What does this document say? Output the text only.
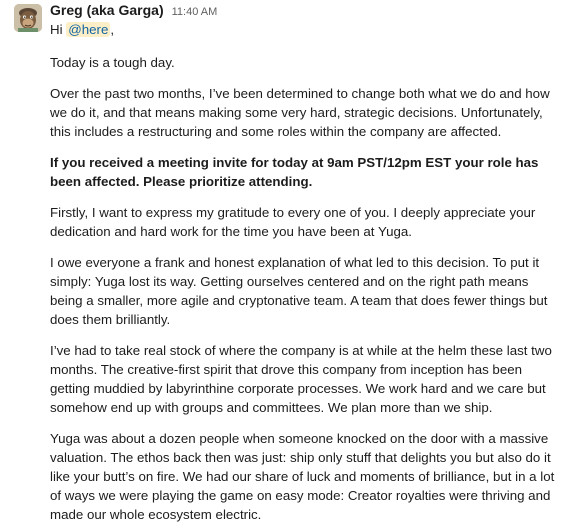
Greg (aka Garga) 11:40 AM

Hi @here ,

Today is a tough day.

Over the past two months, I’ve been determined to change both what we do and how we do it, and that means making some very hard, strategic decisions. Unfortunately, this includes a restructuring and some roles within the company are affected.

If you received a meeting invite for today at 9am PST/12pm EST your role has been affected. Please prioritize attending.

Firstly, I want to express my gratitude to every one of you. I deeply appreciate your dedication and hard work for the time you have been at Yuga.

I owe everyone a frank and honest explanation of what led to this decision. To put it simply: Yuga lost its way. Getting ourselves centered and on the right path means being a smaller, more agile and cryptonative team. A team that does fewer things but does them brilliantly.

I’ve had to take real stock of where the company is at while at the helm these last two months. The creative-first spirit that drove this company from inception has been getting muddied by labyrinthine corporate processes. We work hard and we care but somehow end up with groups and committees. We plan more than we ship.

Yuga was about a dozen people when someone knocked on the door with a massive valuation. The ethos back then was just: ship only stuff that delights you but also do it like your butt’s on fire. We had our share of luck and moments of brilliance, but in a lot of ways we were playing the game on easy mode: Creator royalties were thriving and made our whole ecosystem electric.
